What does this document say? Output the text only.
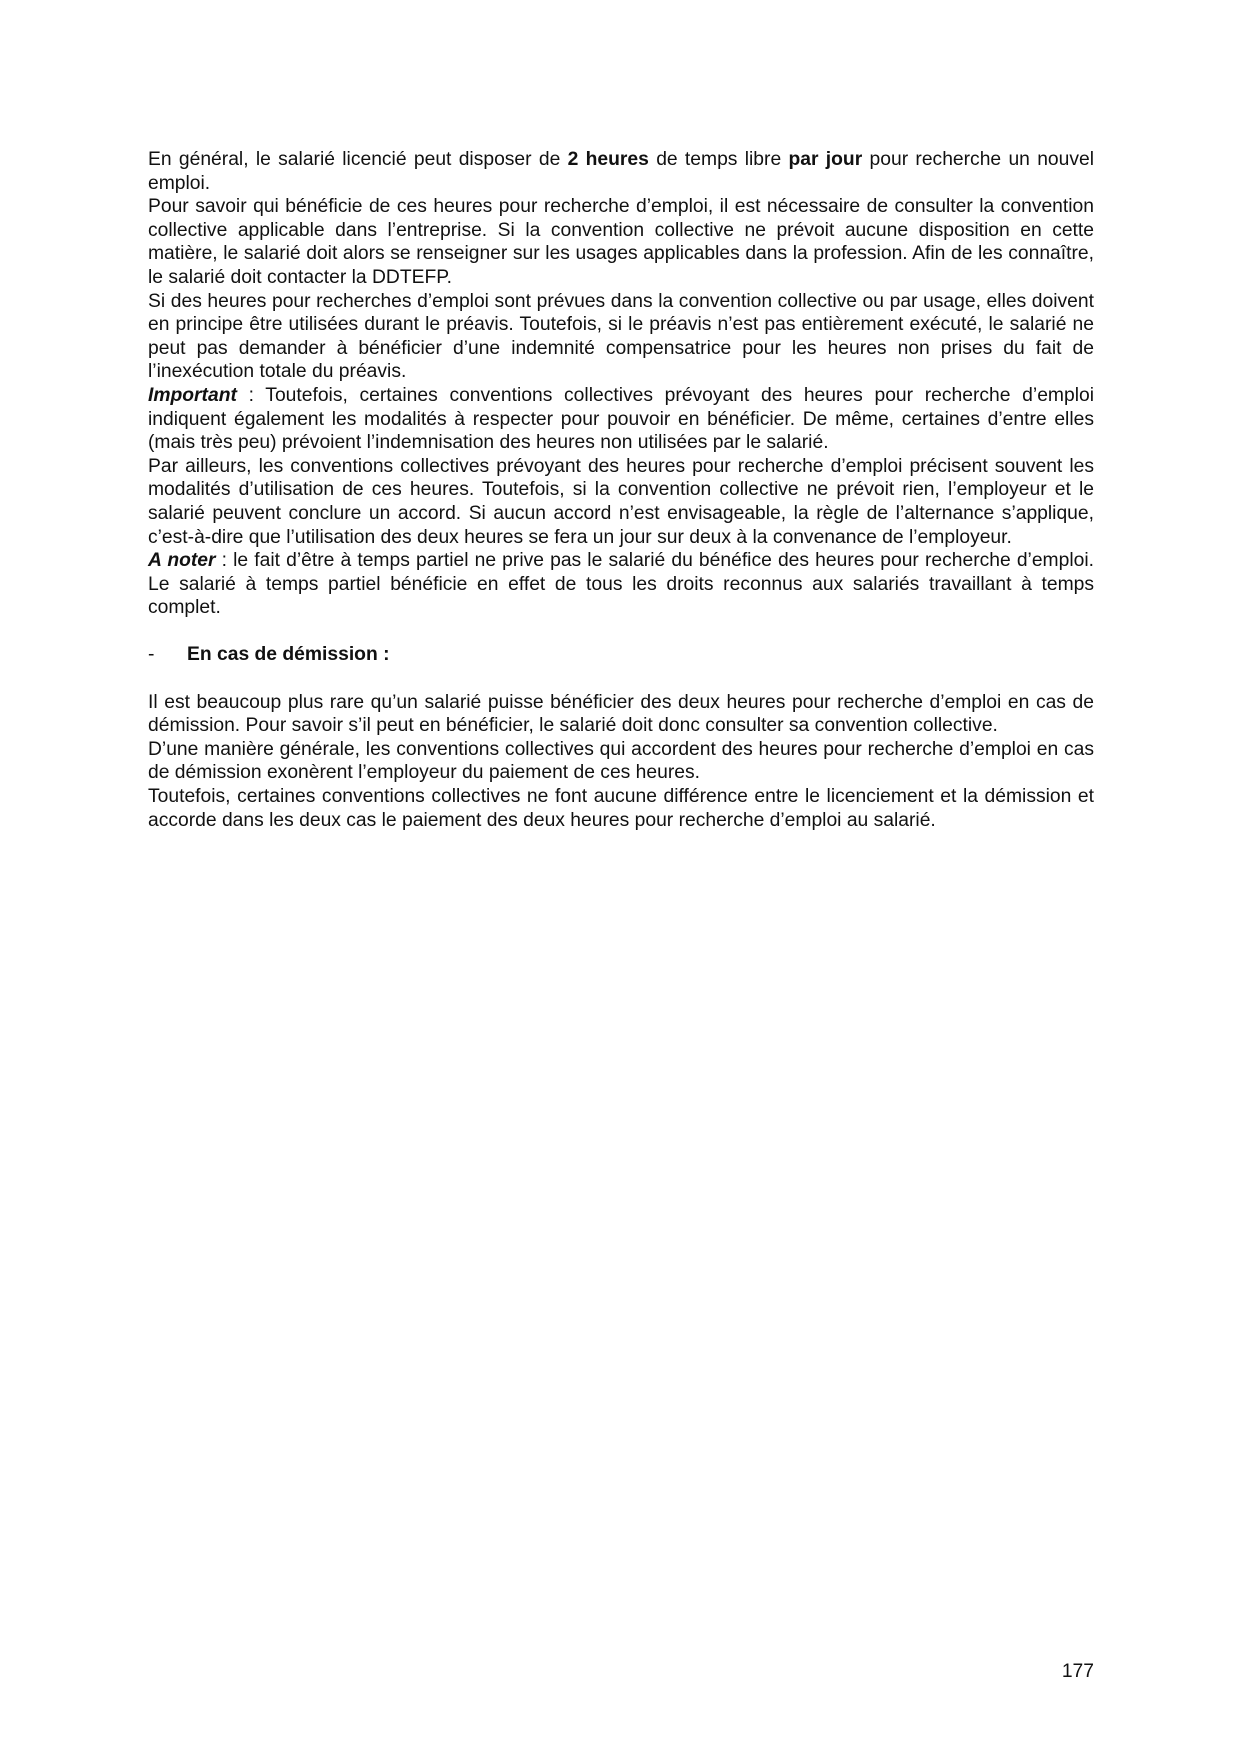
En général, le salarié licencié peut disposer de 2 heures de temps libre par jour pour recherche un nouvel emploi.

Pour savoir qui bénéficie de ces heures pour recherche d’emploi, il est nécessaire de consulter la convention collective applicable dans l’entreprise. Si la convention collective ne prévoit aucune disposition en cette matière, le salarié doit alors se renseigner sur les usages applicables dans la profession. Afin de les connaître, le salarié doit contacter la DDTEFP.

Si des heures pour recherches d’emploi sont prévues dans la convention collective ou par usage, elles doivent en principe être utilisées durant le préavis. Toutefois, si le préavis n’est pas entièrement exécuté, le salarié ne peut pas demander à bénéficier d’une indemnité compensatrice pour les heures non prises du fait de l’inexécution totale du préavis.

Important : Toutefois, certaines conventions collectives prévoyant des heures pour recherche d’emploi indiquent également les modalités à respecter pour pouvoir en bénéficier. De même, certaines d’entre elles (mais très peu) prévoient l’indemnisation des heures non utilisées par le salarié.

Par ailleurs, les conventions collectives prévoyant des heures pour recherche d’emploi précisent souvent les modalités d’utilisation de ces heures. Toutefois, si la convention collective ne prévoit rien, l’employeur et le salarié peuvent conclure un accord. Si aucun accord n’est envisageable, la règle de l’alternance s’applique, c’est-à-dire que l’utilisation des deux heures se fera un jour sur deux à la convenance de l’employeur.

A noter : le fait d’être à temps partiel ne prive pas le salarié du bénéfice des heures pour recherche d’emploi. Le salarié à temps partiel bénéficie en effet de tous les droits reconnus aux salariés travaillant à temps complet.

-	En cas de démission :

Il est beaucoup plus rare qu’un salarié puisse bénéficier des deux heures pour recherche d’emploi en cas de démission. Pour savoir s’il peut en bénéficier, le salarié doit donc consulter sa convention collective.

D’une manière générale, les conventions collectives qui accordent des heures pour recherche d’emploi en cas de démission exonèrent l’employeur du paiement de ces heures.

Toutefois, certaines conventions collectives ne font aucune différence entre le licenciement et la démission et accorde dans les deux cas le paiement des deux heures pour recherche d’emploi au salarié.

177
